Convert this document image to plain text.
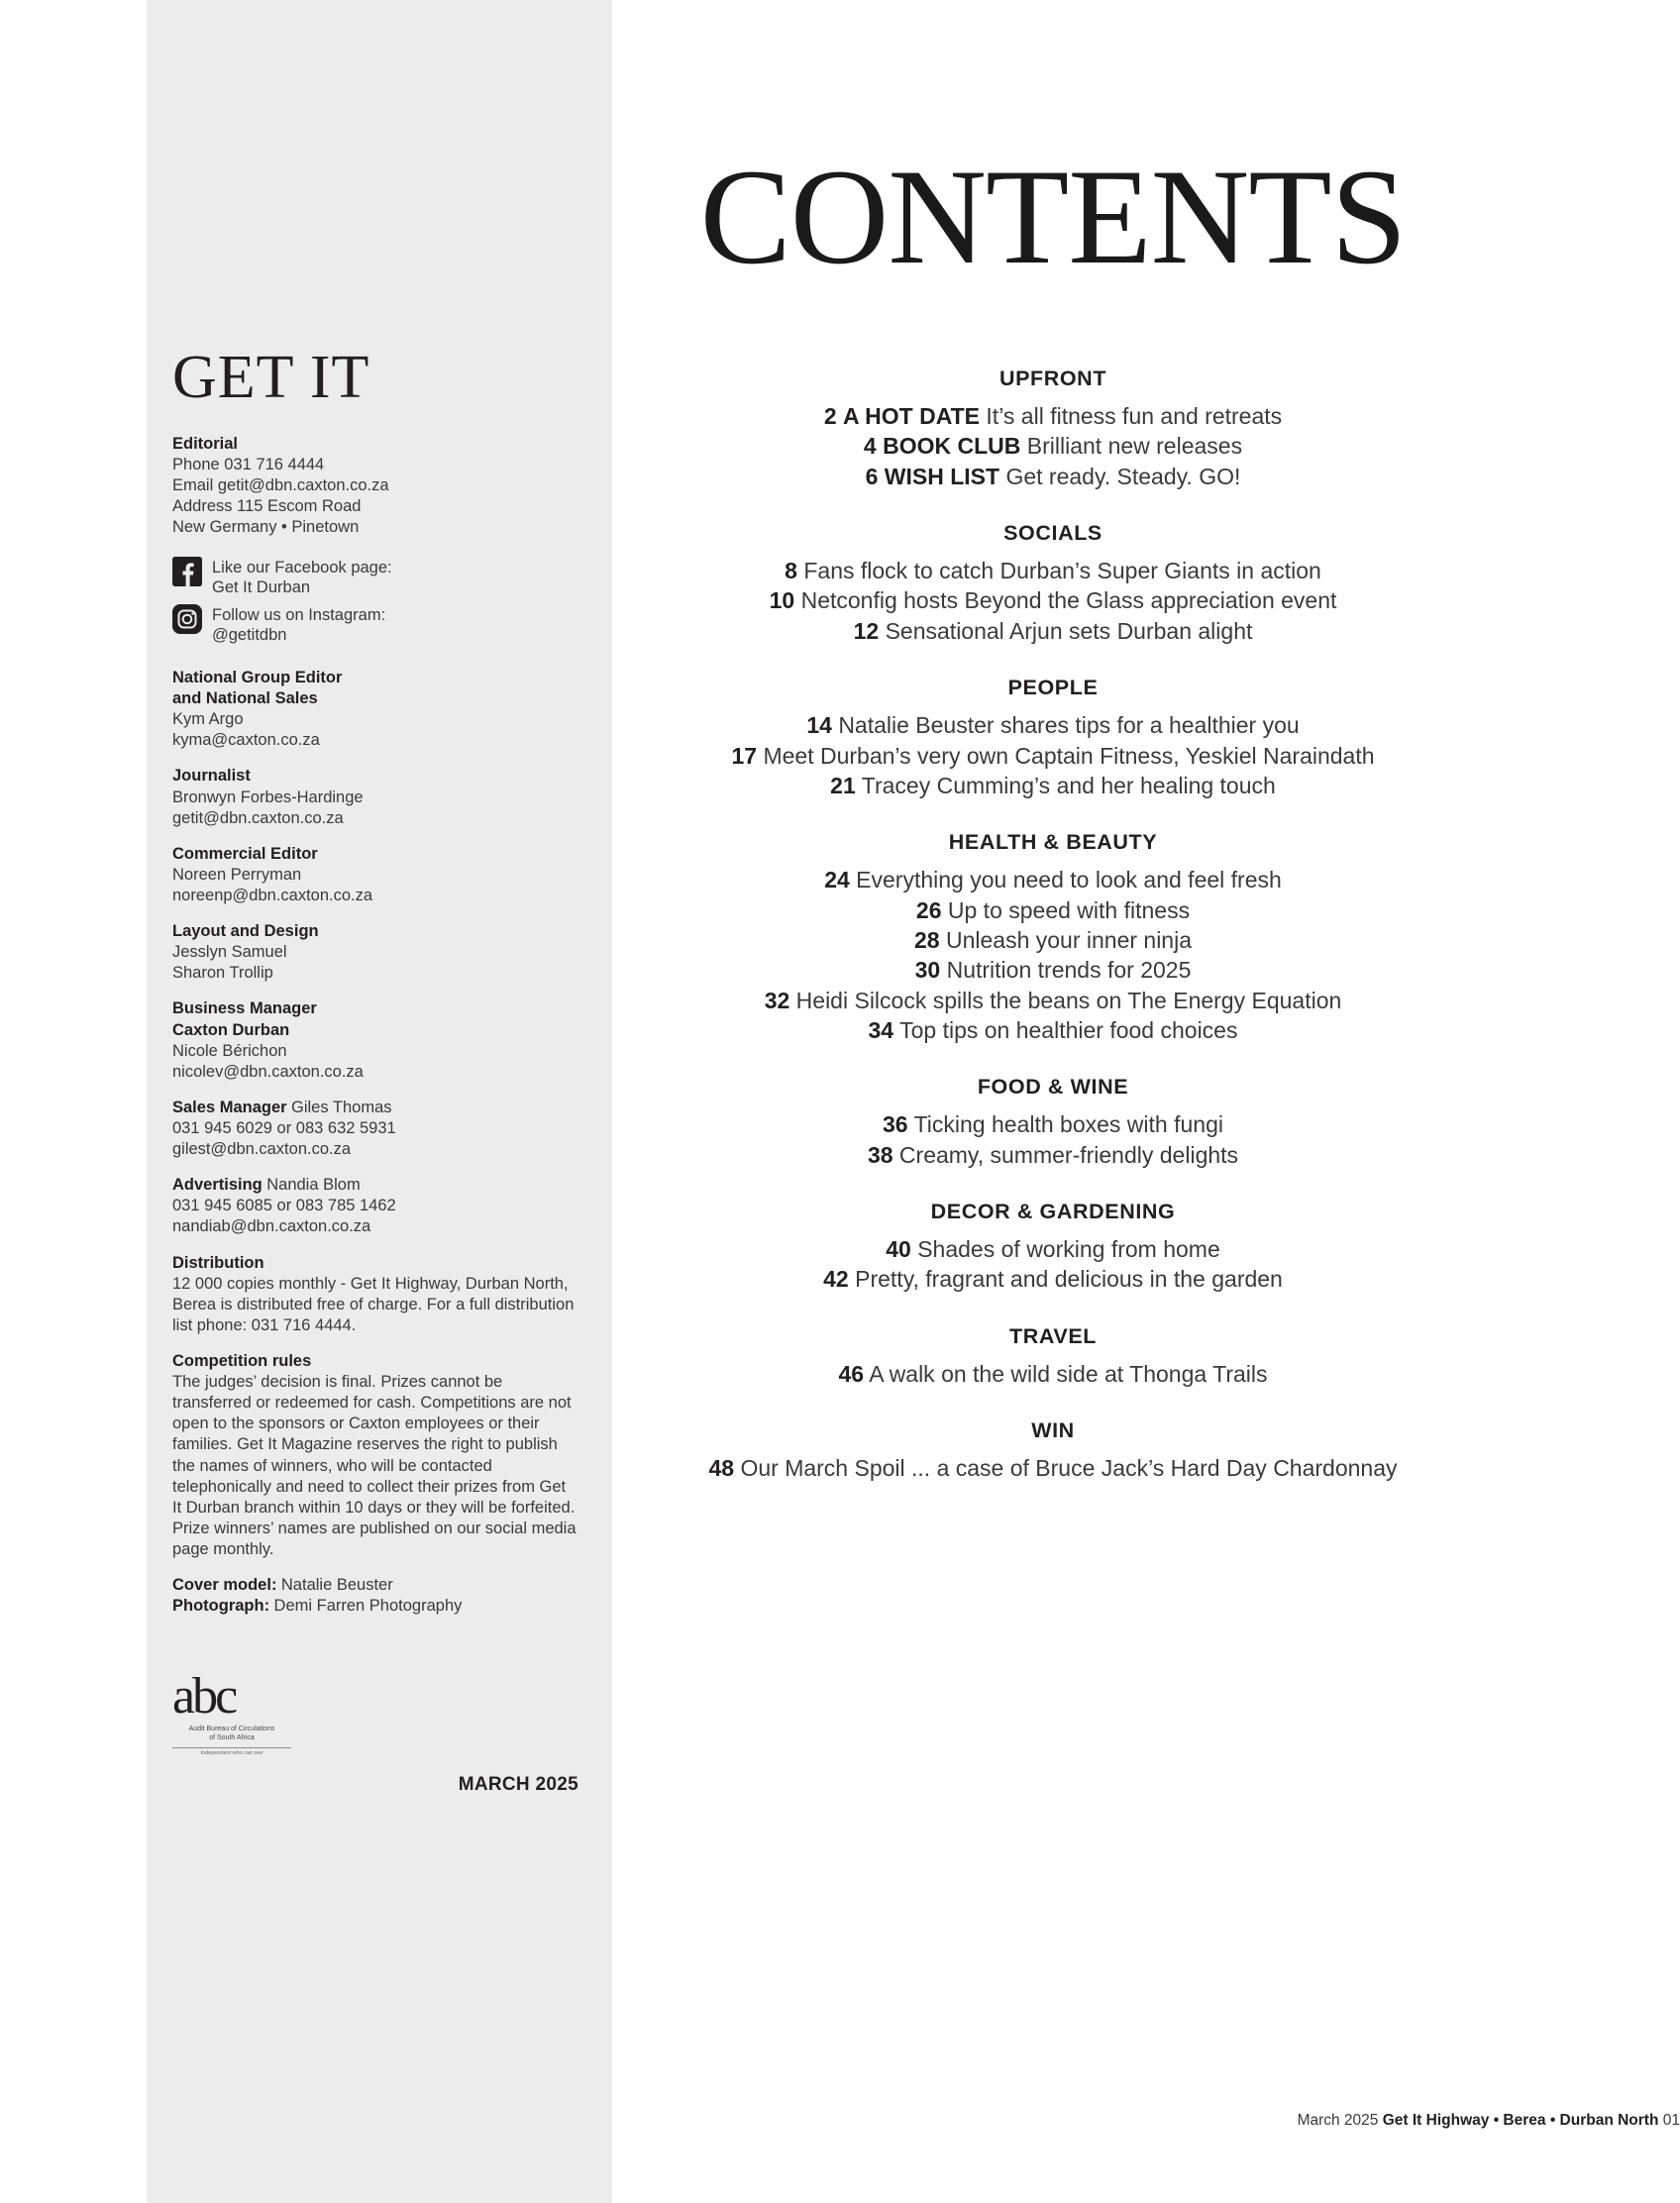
GET IT
Editorial
Phone 031 716 4444
Email getit@dbn.caxton.co.za
Address 115 Escom Road
New Germany • Pinetown
Like our Facebook page:
Get It Durban
Follow us on Instagram:
@getitdbn
National Group Editor
and National Sales
Kym Argo
kyma@caxton.co.za
Journalist
Bronwyn Forbes-Hardinge
getit@dbn.caxton.co.za
Commercial Editor
Noreen Perryman
noreenp@dbn.caxton.co.za
Layout and Design
Jesslyn Samuel
Sharon Trollip
Business Manager
Caxton Durban
Nicole Bérichon
nicolev@dbn.caxton.co.za
Sales Manager Giles Thomas
031 945 6029 or 083 632 5931
gilest@dbn.caxton.co.za
Advertising Nandia Blom
031 945 6085 or 083 785 1462
nandiab@dbn.caxton.co.za
Distribution
12 000 copies monthly - Get It Highway, Durban North, Berea is distributed free of charge. For a full distribution list phone: 031 716 4444.
Competition rules
The judges’ decision is final. Prizes cannot be transferred or redeemed for cash. Competitions are not open to the sponsors or Caxton employees or their families. Get It Magazine reserves the right to publish the names of winners, who will be contacted telephonically and need to collect their prizes from Get It Durban branch within 10 days or they will be forfeited. Prize winners’ names are published on our social media page monthly.
Cover model: Natalie Beuster
Photograph: Demi Farren Photography
abc
Audit Bureau of Circulations
of South Africa
Independent who can see
MARCH 2025
CONTENTS
UPFRONT
2 A HOT DATE It’s all fitness fun and retreats
4 BOOK CLUB Brilliant new releases
6 WISH LIST Get ready. Steady. GO!
SOCIALS
8 Fans flock to catch Durban’s Super Giants in action
10 Netconfig hosts Beyond the Glass appreciation event
12 Sensational Arjun sets Durban alight
PEOPLE
14 Natalie Beuster shares tips for a healthier you
17 Meet Durban’s very own Captain Fitness, Yeskiel Naraindath
21 Tracey Cumming’s and her healing touch
HEALTH & BEAUTY
24 Everything you need to look and feel fresh
26 Up to speed with fitness
28 Unleash your inner ninja
30 Nutrition trends for 2025
32 Heidi Silcock spills the beans on The Energy Equation
34 Top tips on healthier food choices
FOOD & WINE
36 Ticking health boxes with fungi
38 Creamy, summer-friendly delights
DECOR & GARDENING
40 Shades of working from home
42 Pretty, fragrant and delicious in the garden
TRAVEL
46 A walk on the wild side at Thonga Trails
WIN
48 Our March Spoil ... a case of Bruce Jack’s Hard Day Chardonnay
March 2025 Get It Highway • Berea • Durban North 01
